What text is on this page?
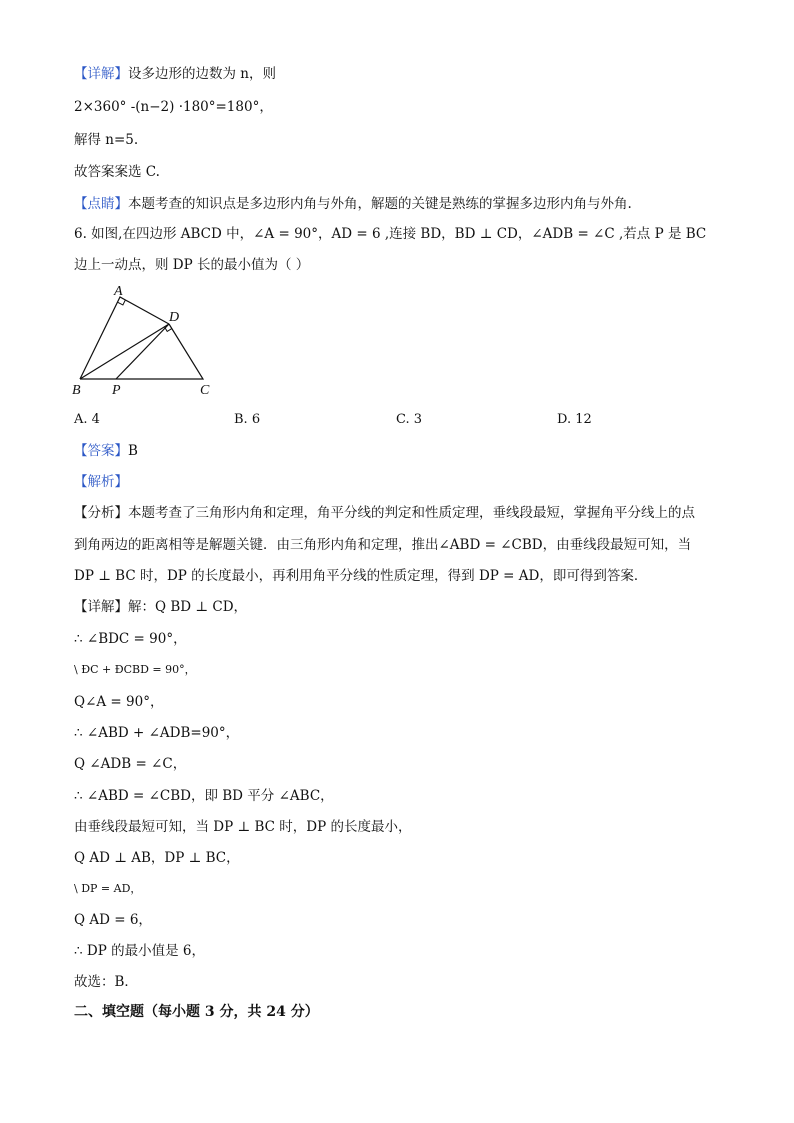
【详解】设多边形的边数为 n，则
2×360° -(n−2) ·180°=180°，
解得 n=5.
故答案案选 C.
【点睛】本题考查的知识点是多边形内角与外角，解题的关键是熟练的掌握多边形内角与外角.
6. 如图,在四边形 ABCD 中，∠A = 90°，AD = 6 ,连接 BD，BD ⊥ CD，∠ADB = ∠C ,若点 P 是 BC
边上一动点，则 DP 长的最小值为（ ）
A
D
B P	C
A. 4	B. 6	C. 3	D. 12
【答案】B
【解析】
【分析】本题考查了三角形内角和定理，角平分线的判定和性质定理，垂线段最短，掌握角平分线上的点
到角两边的距离相等是解题关键．由三角形内角和定理，推出∠ABD = ∠CBD，由垂线段最短可知，当
DP ⊥ BC 时，DP 的长度最小，再利用角平分线的性质定理，得到 DP = AD，即可得到答案．
【详解】解：Q BD ⊥ CD，
∴ ∠BDC = 90°，
\ ÐC + ÐCBD = 90°，
Q∠A = 90°，
∴ ∠ABD + ∠ADB=90°，
Q ∠ADB = ∠C，
∴ ∠ABD = ∠CBD，即 BD 平分 ∠ABC，
由垂线段最短可知，当 DP ⊥ BC 时，DP 的长度最小，
Q AD ⊥ AB，DP ⊥ BC，
\ DP = AD，
Q AD = 6，
∴ DP 的最小值是 6，
故选：B．
二、填空题（每小题 3 分，共 24 分）
